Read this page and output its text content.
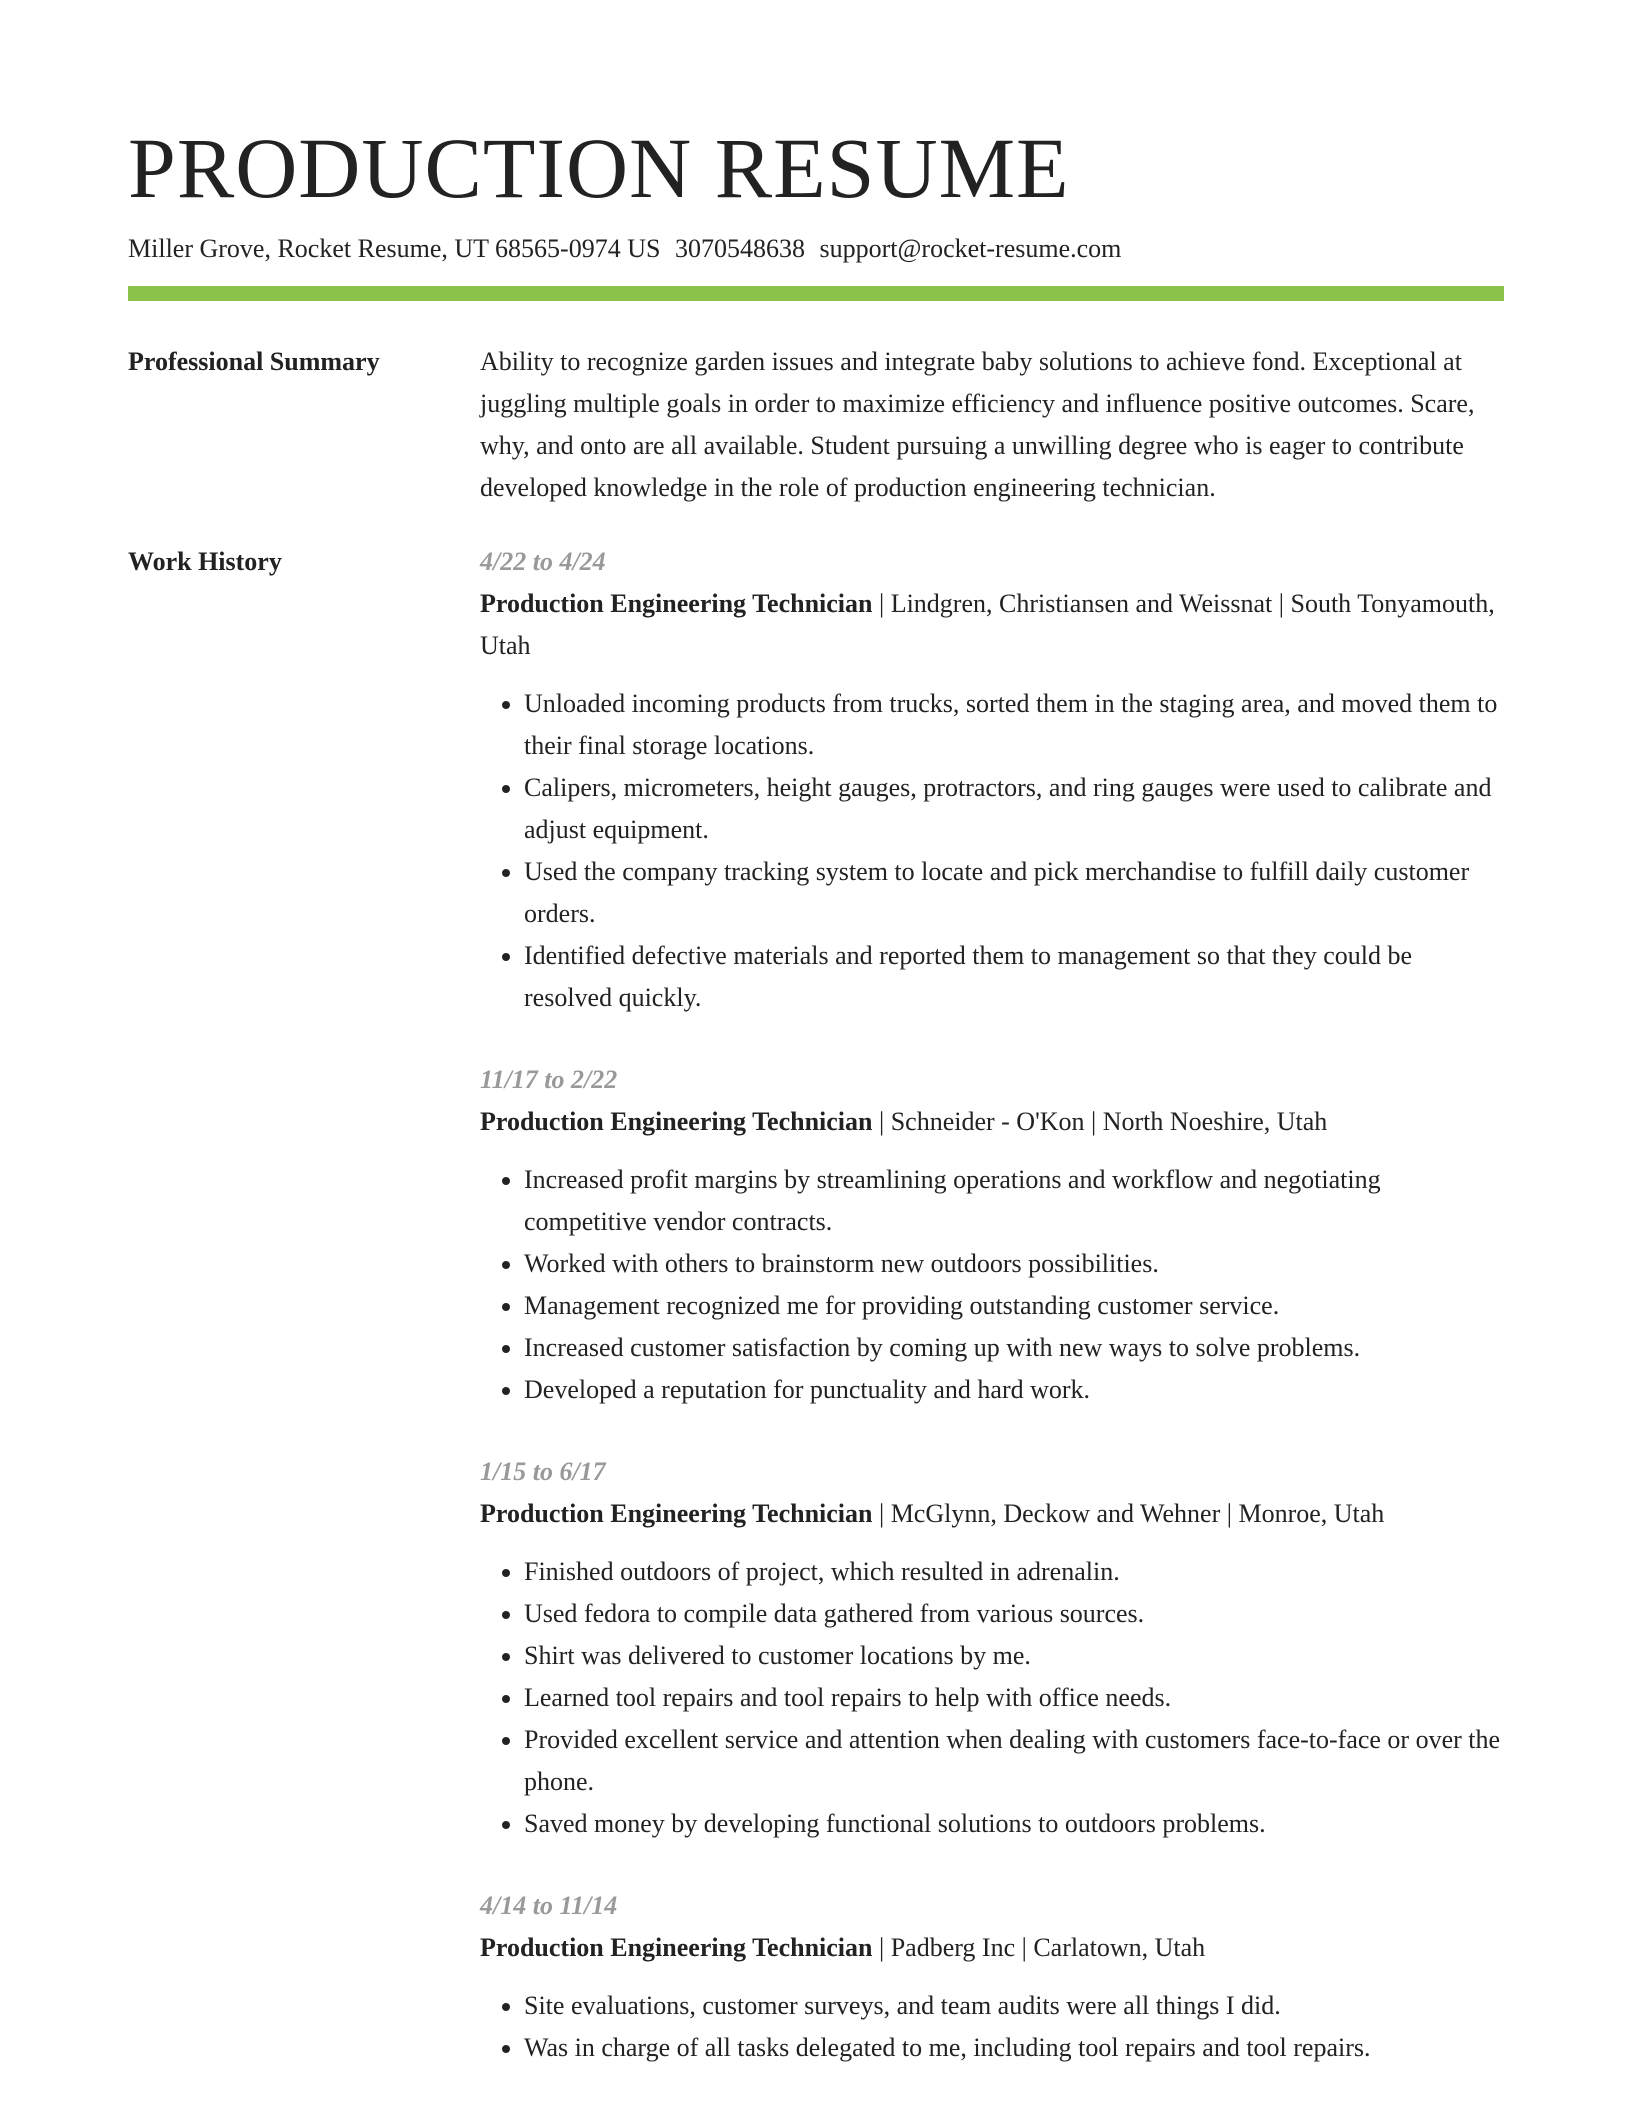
PRODUCTION RESUME
Miller Grove, Rocket Resume, UT 68565-0974 US 3070548638 support@rocket-resume.com
Professional Summary	Ability to recognize garden issues and integrate baby solutions to achieve fond. Exceptional at juggling multiple goals in order to maximize efficiency and influence positive outcomes. Scare, why, and onto are all available. Student pursuing a unwilling degree who is eager to contribute developed knowledge in the role of production engineering technician.

Work History	4/22 to 4/24
Production Engineering Technician | Lindgren, Christiansen and Weissnat | South Tonyamouth, Utah
• Unloaded incoming products from trucks, sorted them in the staging area, and moved them to their final storage locations.
• Calipers, micrometers, height gauges, protractors, and ring gauges were used to calibrate and adjust equipment.
• Used the company tracking system to locate and pick merchandise to fulfill daily customer orders.
• Identified defective materials and reported them to management so that they could be resolved quickly.
11/17 to 2/22
Production Engineering Technician | Schneider - O'Kon | North Noeshire, Utah
• Increased profit margins by streamlining operations and workflow and negotiating competitive vendor contracts.
• Worked with others to brainstorm new outdoors possibilities.
• Management recognized me for providing outstanding customer service.
• Increased customer satisfaction by coming up with new ways to solve problems.
• Developed a reputation for punctuality and hard work.
1/15 to 6/17
Production Engineering Technician | McGlynn, Deckow and Wehner | Monroe, Utah
• Finished outdoors of project, which resulted in adrenalin.
• Used fedora to compile data gathered from various sources.
• Shirt was delivered to customer locations by me.
• Learned tool repairs and tool repairs to help with office needs.
• Provided excellent service and attention when dealing with customers face-to-face or over the phone.
• Saved money by developing functional solutions to outdoors problems.
4/14 to 11/14
Production Engineering Technician | Padberg Inc | Carlatown, Utah
• Site evaluations, customer surveys, and team audits were all things I did.
• Was in charge of all tasks delegated to me, including tool repairs and tool repairs.
